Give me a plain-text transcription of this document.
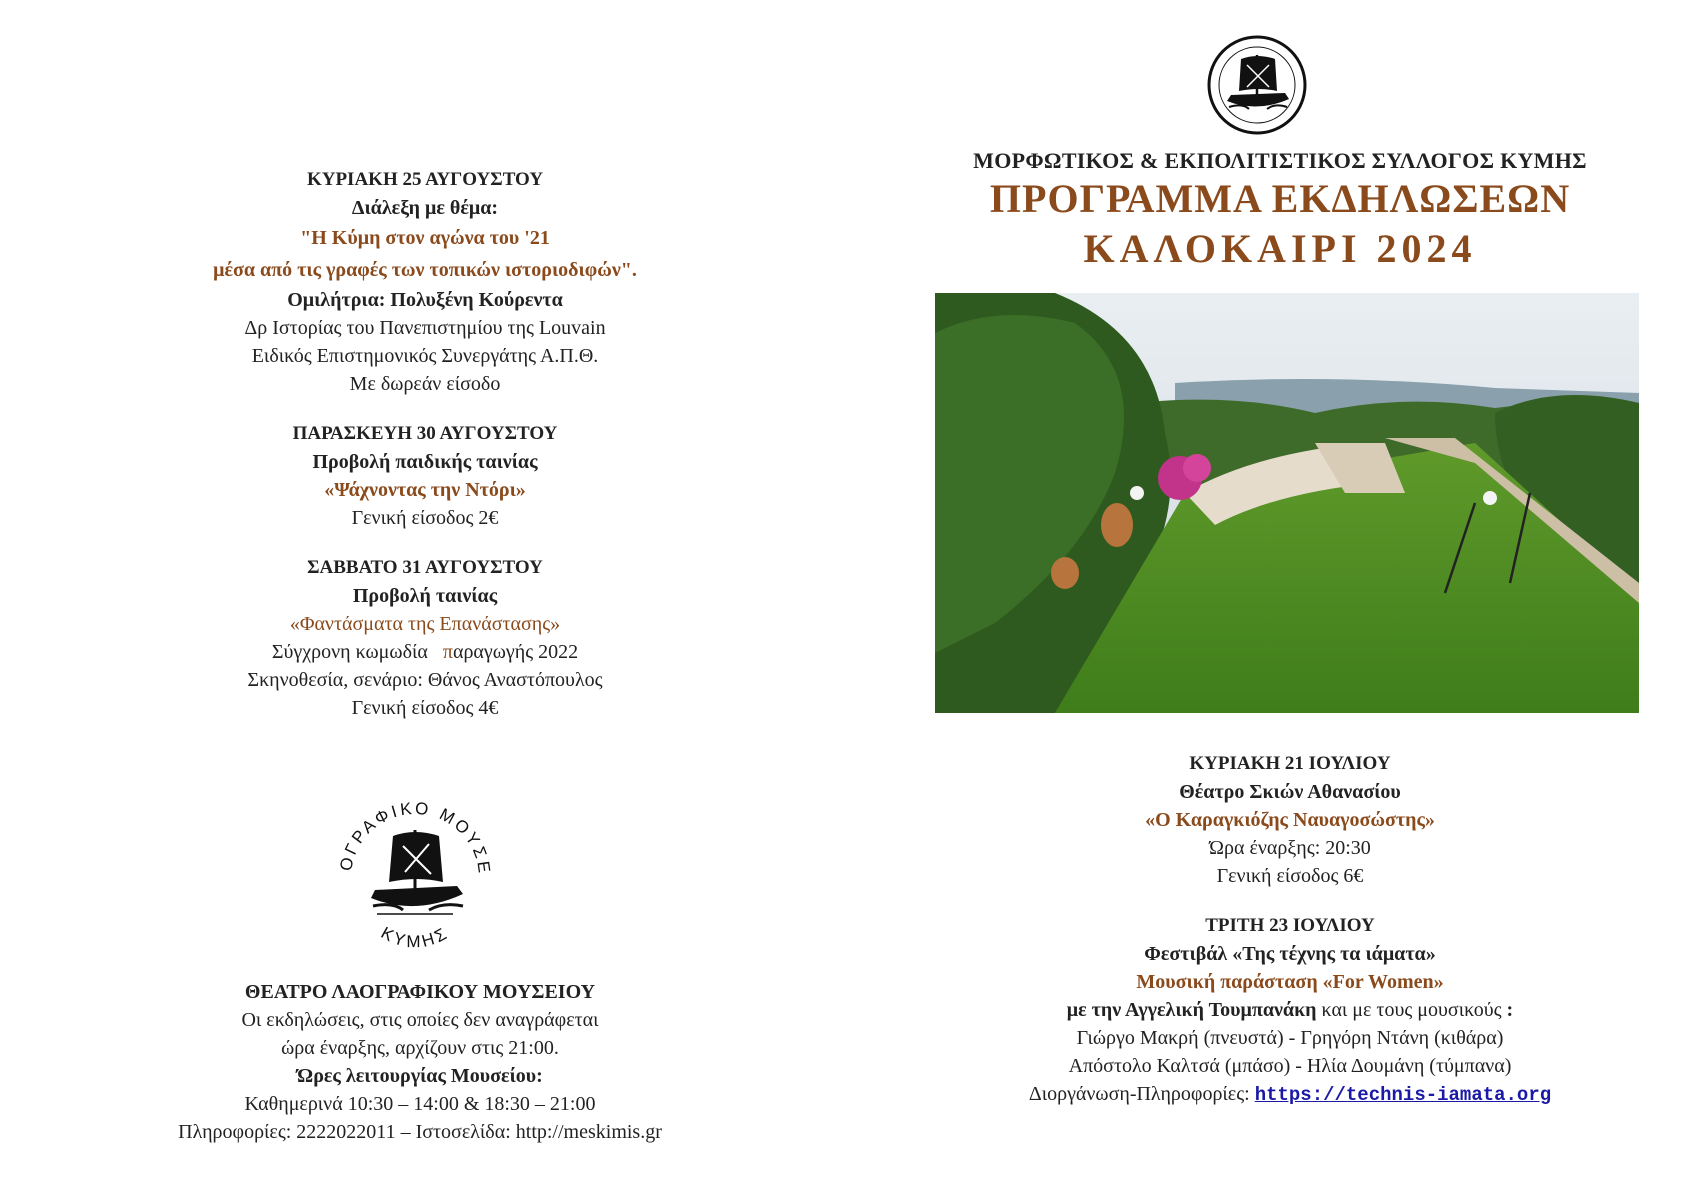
ΚΥΡΙΑΚΗ 25 ΑΥΓΟΥΣΤΟΥ
Διάλεξη με θέμα:
"Η Κύμη στον αγώνα του '21
μέσα από τις γραφές των τοπικών ιστοριοδιφών".
Ομιλήτρια: Πολυξένη Κούρεντα
Δρ Ιστορίας του Πανεπιστημίου της Louvain
Ειδικός Επιστημονικός Συνεργάτης Α.Π.Θ.
Με δωρεάν είσοδο
ΠΑΡΑΣΚΕΥΗ 30 ΑΥΓΟΥΣΤΟΥ
Προβολή παιδικής ταινίας
«Ψάχνοντας την Ντόρι»
Γενική είσοδος 2€
ΣΑΒΒΑΤΟ 31 ΑΥΓΟΥΣΤΟΥ
Προβολή ταινίας
«Φαντάσματα της Επανάστασης»
Σύγχρονη κωμωδία   παραγωγής 2022
Σκηνοθεσία, σενάριο: Θάνος Αναστόπουλος
Γενική είσοδος 4€
ΟΓΡΑΦΙΚΟ ΜΟΥΣΕ
ΚΥΜΗΣ
ΘΕΑΤΡΟ ΛΑΟΓΡΑΦΙΚΟΥ ΜΟΥΣΕΙΟΥ
Οι εκδηλώσεις, στις οποίες δεν αναγράφεται
ώρα έναρξης, αρχίζουν στις 21:00.
Ώρες λειτουργίας Μουσείου:
Καθημερινά 10:30 – 14:00 & 18:30 – 21:00
Πληροφορίες: 2222022011 – Ιστοσελίδα: http://meskimis.gr
ΜΟΡΦΩΤΙΚΟΣ & ΕΚΠΟΛΙΤΙΣΤΙΚΟΣ ΣΥΛΛΟΓΟΣ ΚΥΜΗΣ
ΠΡΟΓΡΑΜΜΑ ΕΚΔΗΛΩΣΕΩΝ
ΚΑΛΟΚΑΙΡΙ 2024
ΚΥΡΙΑΚΗ 21 ΙΟΥΛΙΟΥ
Θέατρο Σκιών Αθανασίου
«Ο Καραγκιόζης Ναυαγοσώστης»
Ώρα έναρξης: 20:30
Γενική είσοδος 6€
ΤΡΙΤΗ 23 ΙΟΥΛΙΟΥ
Φεστιβάλ «Της τέχνης τα ιάματα»
Μουσική παράσταση «For Women»
με την Αγγελική Τουμπανάκη και με τους μουσικούς :
Γιώργο Μακρή (πνευστά) - Γρηγόρη Ντάνη (κιθάρα)
Απόστολο Καλτσά (μπάσο) - Ηλία Δουμάνη (τύμπανα)
Διοργάνωση-Πληροφορίες: https://technis-iamata.org
